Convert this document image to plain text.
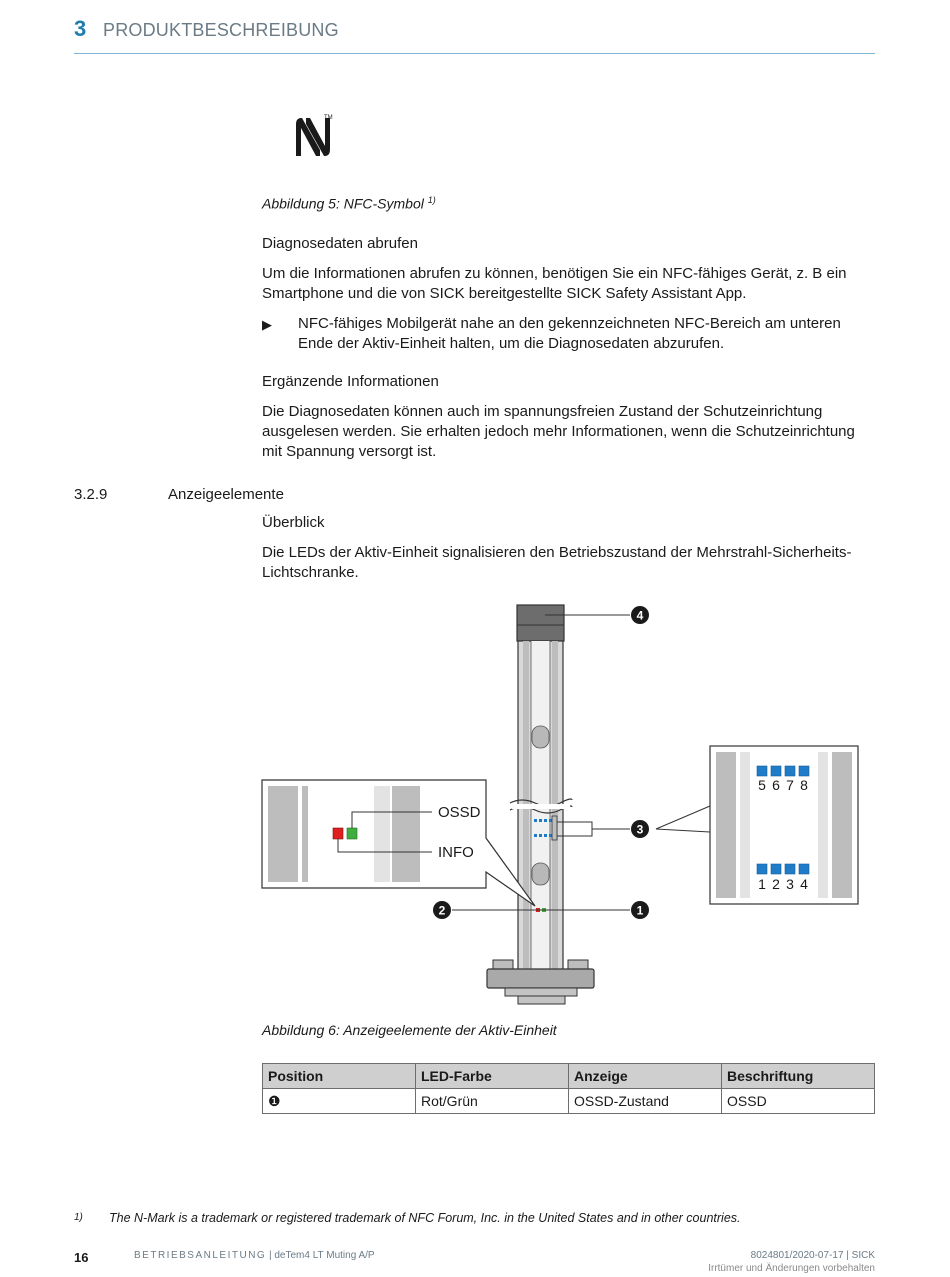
3 PRODUKTBESCHREIBUNG
TM
Abbildung 5: NFC-Symbol $^{1)}$
Diagnosedaten abrufen
Um die Informationen abrufen zu können, benötigen Sie ein NFC-fähiges Gerät, z. B ein Smartphone und die von SICK bereitgestellte SICK Safety Assistant App.
▶ NFC-fähiges Mobilgerät nahe an den gekennzeichneten NFC-Bereich am unteren Ende der Aktiv-Einheit halten, um die Diagnosedaten abzurufen.
Ergänzende Informationen
Die Diagnosedaten können auch im spannungsfreien Zustand der Schutzeinrichtung ausgelesen werden. Sie erhalten jedoch mehr Informationen, wenn die Schutzeinrichtung mit Spannung versorgt ist.
3.2.9	Anzeigeelemente
Überblick
Die LEDs der Aktiv-Einheit signalisieren den Betriebszustand der Mehrstrahl-Sicherheits-Lichtschranke.
4
3
5 6 7 8
1 2 3 4
OSSD
INFO
2	1
Abbildung 6: Anzeigeelemente der Aktiv-Einheit
Position	LED-Farbe	Anzeige	Beschriftung
❶	Rot/Grün	OSSD-Zustand	OSSD
1) The N-Mark is a trademark or registered trademark of NFC Forum, Inc. in the United States and in other countries.
16	BETRIEBSANLEITUNG | deTem4 LT Muting A/P	8024801/2020-07-17 | SICK
Irrtümer und Änderungen vorbehalten
